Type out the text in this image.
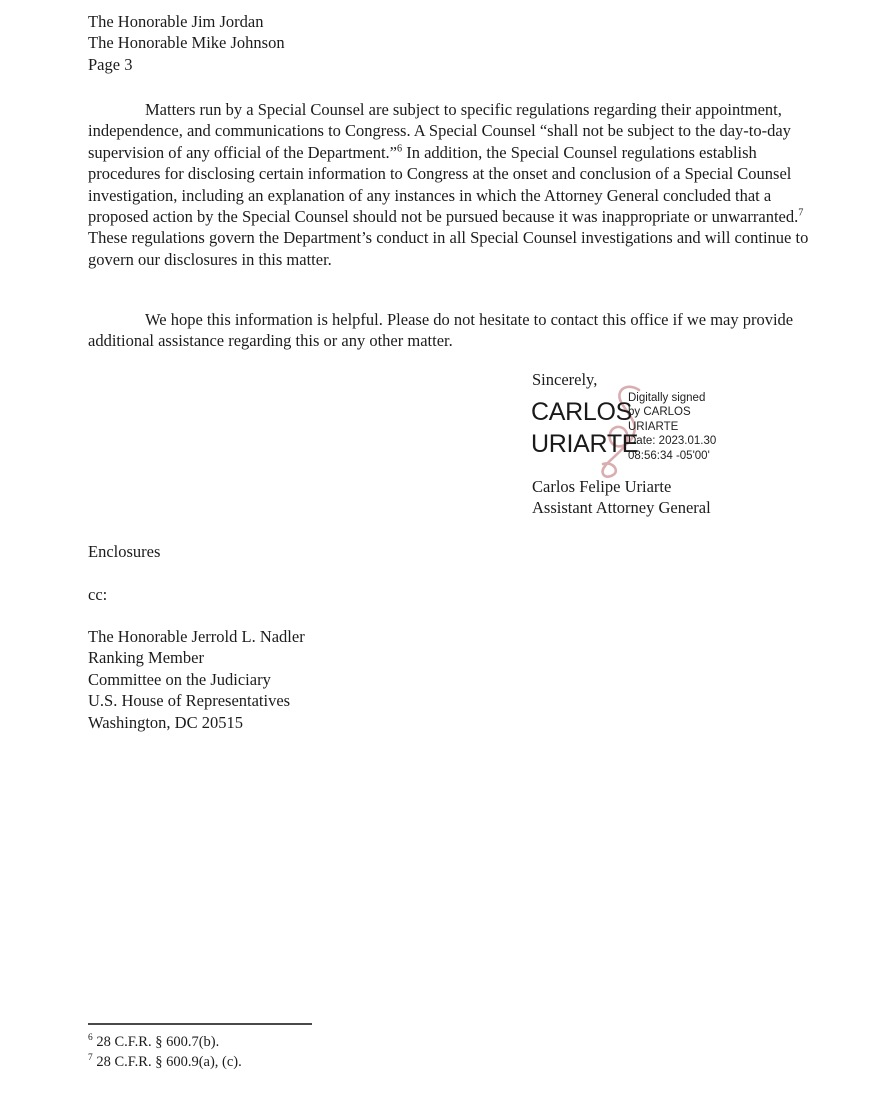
The Honorable Jim Jordan
The Honorable Mike Johnson
Page 3
Matters run by a Special Counsel are subject to specific regulations regarding their appointment, independence, and communications to Congress. A Special Counsel “shall not be subject to the day-to-day supervision of any official of the Department.”$^6$ In addition, the Special Counsel regulations establish procedures for disclosing certain information to Congress at the onset and conclusion of a Special Counsel investigation, including an explanation of any instances in which the Attorney General concluded that a proposed action by the Special Counsel should not be pursued because it was inappropriate or unwarranted.$^7$ These regulations govern the Department’s conduct in all Special Counsel investigations and will continue to govern our disclosures in this matter.
We hope this information is helpful. Please do not hesitate to contact this office if we may provide additional assistance regarding this or any other matter.
Sincerely,
CARLOS
URIARTE
Digitally signed
by CARLOS
URIARTE
Date: 2023.01.30
08:56:34 -05'00'
Carlos Felipe Uriarte
Assistant Attorney General
Enclosures
cc:
The Honorable Jerrold L. Nadler
Ranking Member
Committee on the Judiciary
U.S. House of Representatives
Washington, DC 20515
$^6$ 28 C.F.R. § 600.7(b).
$^7$ 28 C.F.R. § 600.9(a), (c).
